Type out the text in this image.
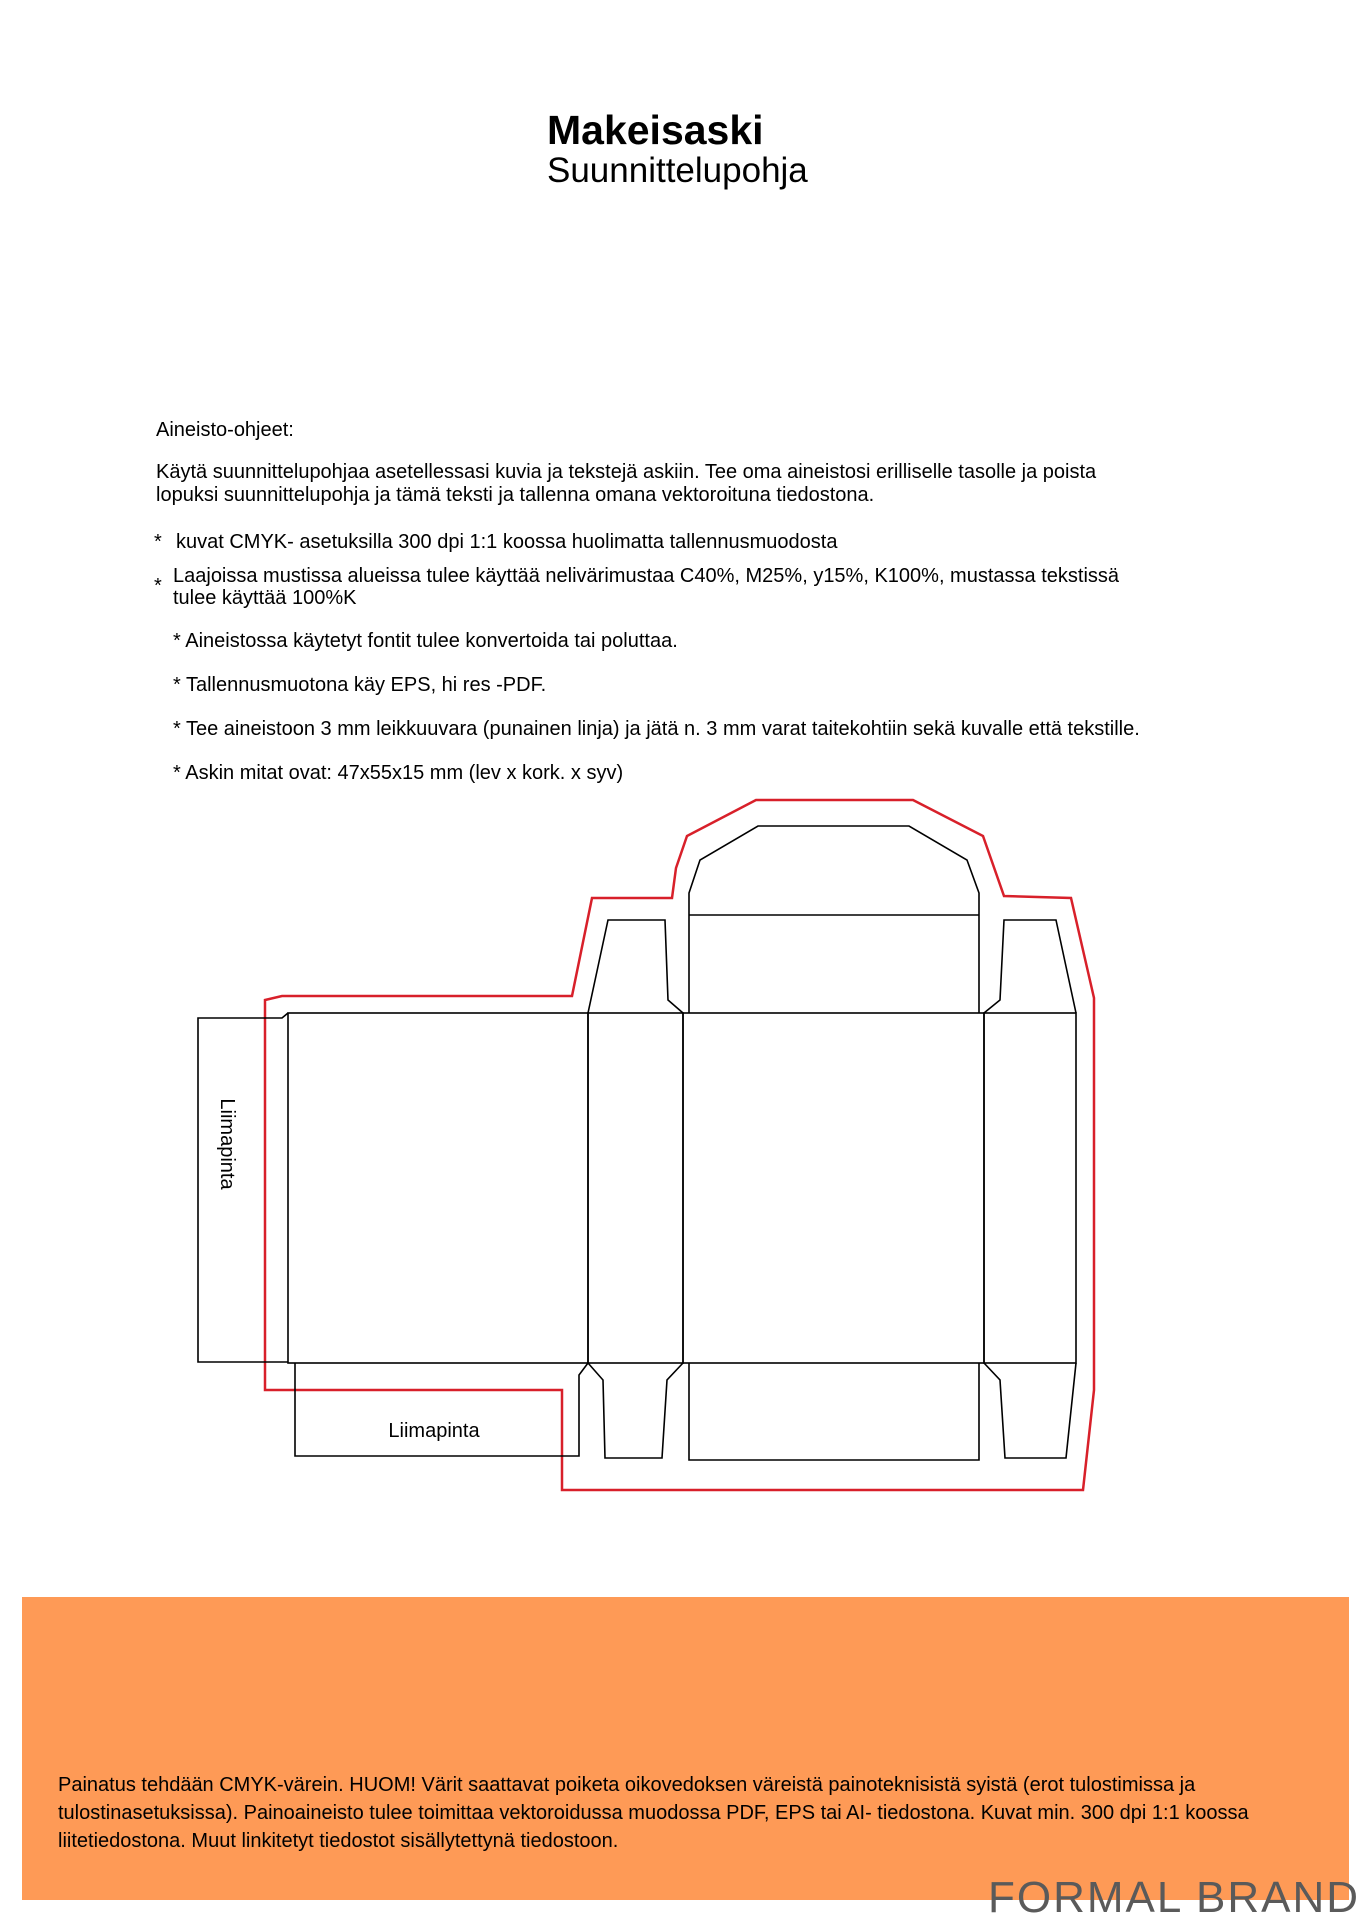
Makeisaski
Suunnittelupohja
Aineisto-ohjeet:
Käytä suunnittelupohjaa asetellessasi kuvia ja tekstejä askiin. Tee oma aineistosi erilliselle tasolle ja poista
lopuksi suunnittelupohja ja tämä teksti ja tallenna omana vektoroituna tiedostona.
* kuvat CMYK- asetuksilla 300 dpi 1:1 koossa huolimatta tallennusmuodosta
* Laajoissa mustissa alueissa tulee käyttää nelivärimustaa C40%, M25%, y15%, K100%, mustassa tekstissä
tulee käyttää 100%K
* Aineistossa käytetyt fontit tulee konvertoida tai poluttaa.
* Tallennusmuotona käy EPS, hi res -PDF.
* Tee aineistoon 3 mm leikkuuvara (punainen linja) ja jätä n. 3 mm varat taitekohtiin sekä kuvalle että tekstille.
* Askin mitat ovat: 47x55x15 mm (lev x kork. x syv)
Liimapinta
Liimapinta
Painatus tehdään CMYK-värein. HUOM! Värit saattavat poiketa oikovedoksen väreistä painoteknisistä syistä (erot tulostimissa ja tulostinasetuksissa). Painoaineisto tulee toimittaa vektoroidussa muodossa PDF, EPS tai AI- tiedostona. Kuvat min. 300 dpi 1:1 koossa liitetiedostona. Muut linkitetyt tiedostot sisällytettynä tiedostoon.
FORMAL BRAND
